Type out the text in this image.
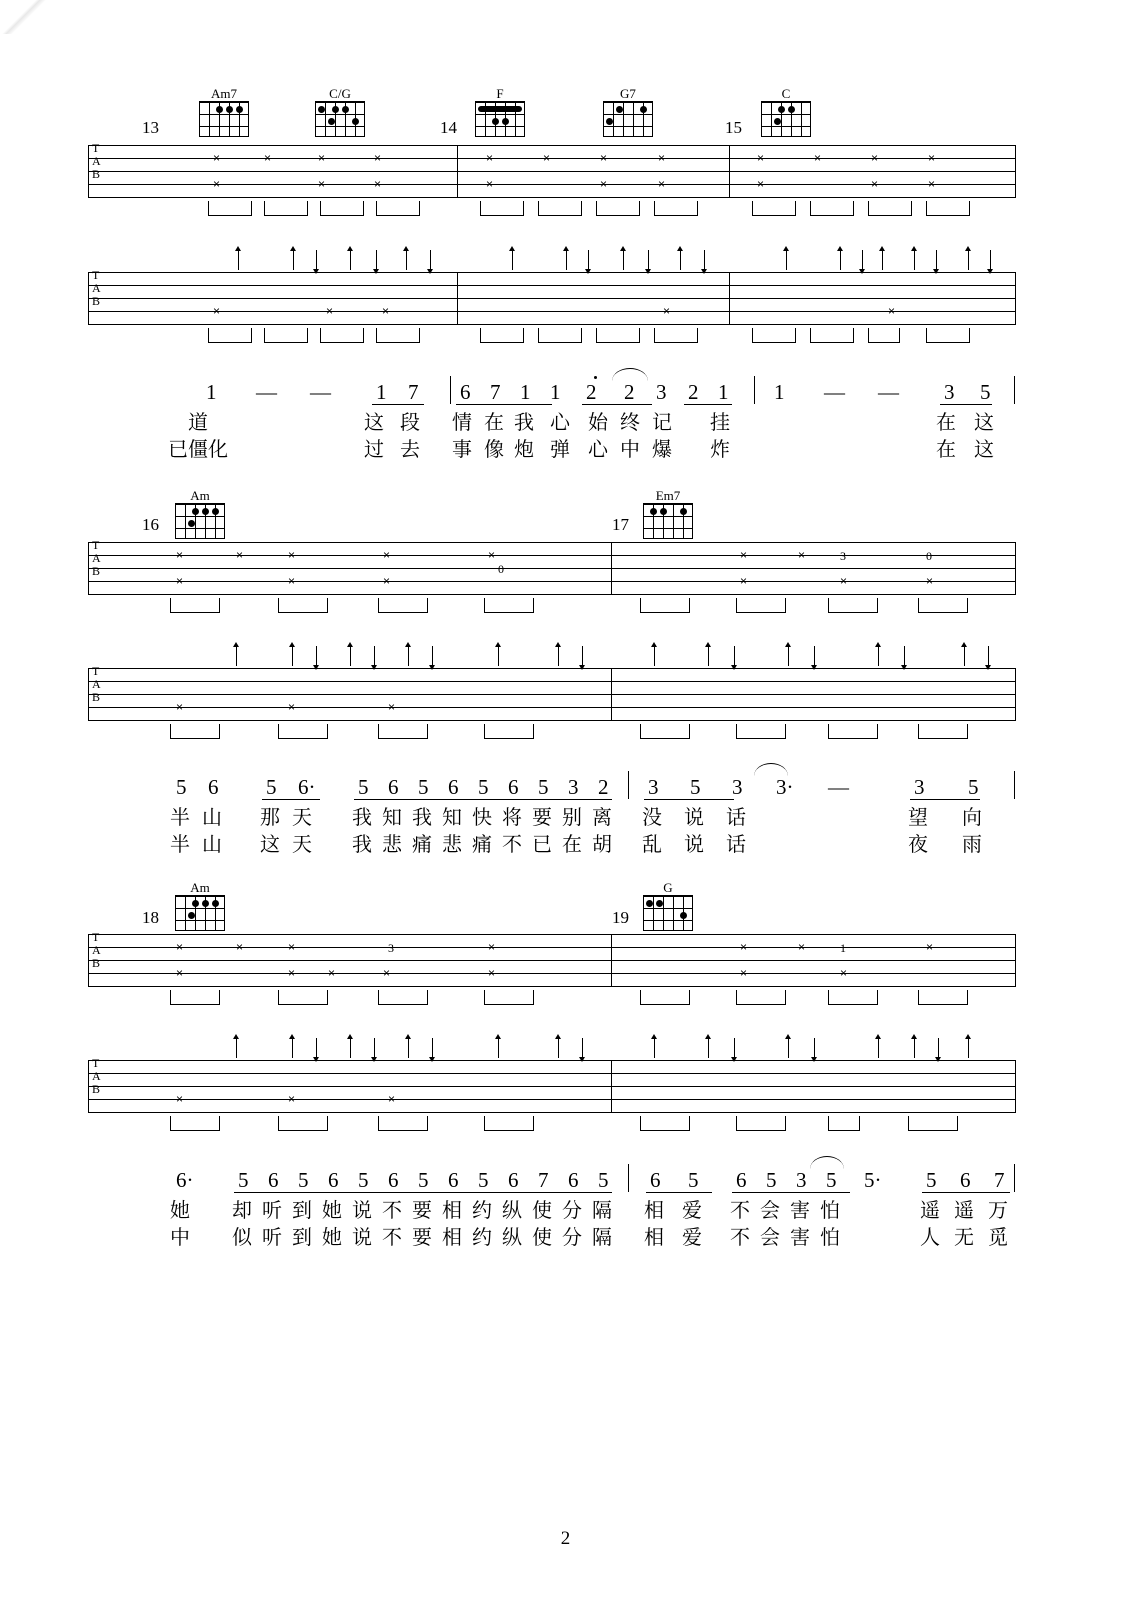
Am7	C/G	F	G7	C
13	14	15
T
A
B
×
×
×	×
×
×
×
×
×
×	×
×
×
×
×
×
×	×
×
×
×
T
A
B
×	×	×	×	×
1 — — 1 7 6 7 1 1 2 2 3 2 1 1 — — 3 5
道	这 段 情 在 我 心 始 终 记 挂	在 这
已僵化	过 去 事 像 炮 弹 心 中 爆 炸	在 这
Am	Em7
16	17
T
A
B
×
×
×	×
×
×
×
0
×	×
×
×	3
×
0
×
T
A
B
×	×	×
5 6 5 6· 5 6 5 6 5 6 5 3 2 3 5 3 3· —	3 5
半 山 那 天 我 知 我 知 快 将 要 别 离 没 说 话	望 向
半 山 这 天 我 悲 痛 悲 痛 不 已 在 胡 乱 说 话	夜 雨
Am	G
18	19
T
A
B
×
×
×	×
×
3
×	×
×
×
×
×
×	1
×
×
T
A
B
×	×	×
6· 5 6 5 6 5 6 5 6 5 6 7 6 5 6 5 6 5 3 5 5· 5 6 7
她 却 听 到 她 说 不 要 相 约 纵 使 分 隔 相 爱 不 会 害 怕	遥 遥 万
中 似 听 到 她 说 不 要 相 约 纵 使 分 隔 相 爱 不 会 害 怕	人 无 觅
2
